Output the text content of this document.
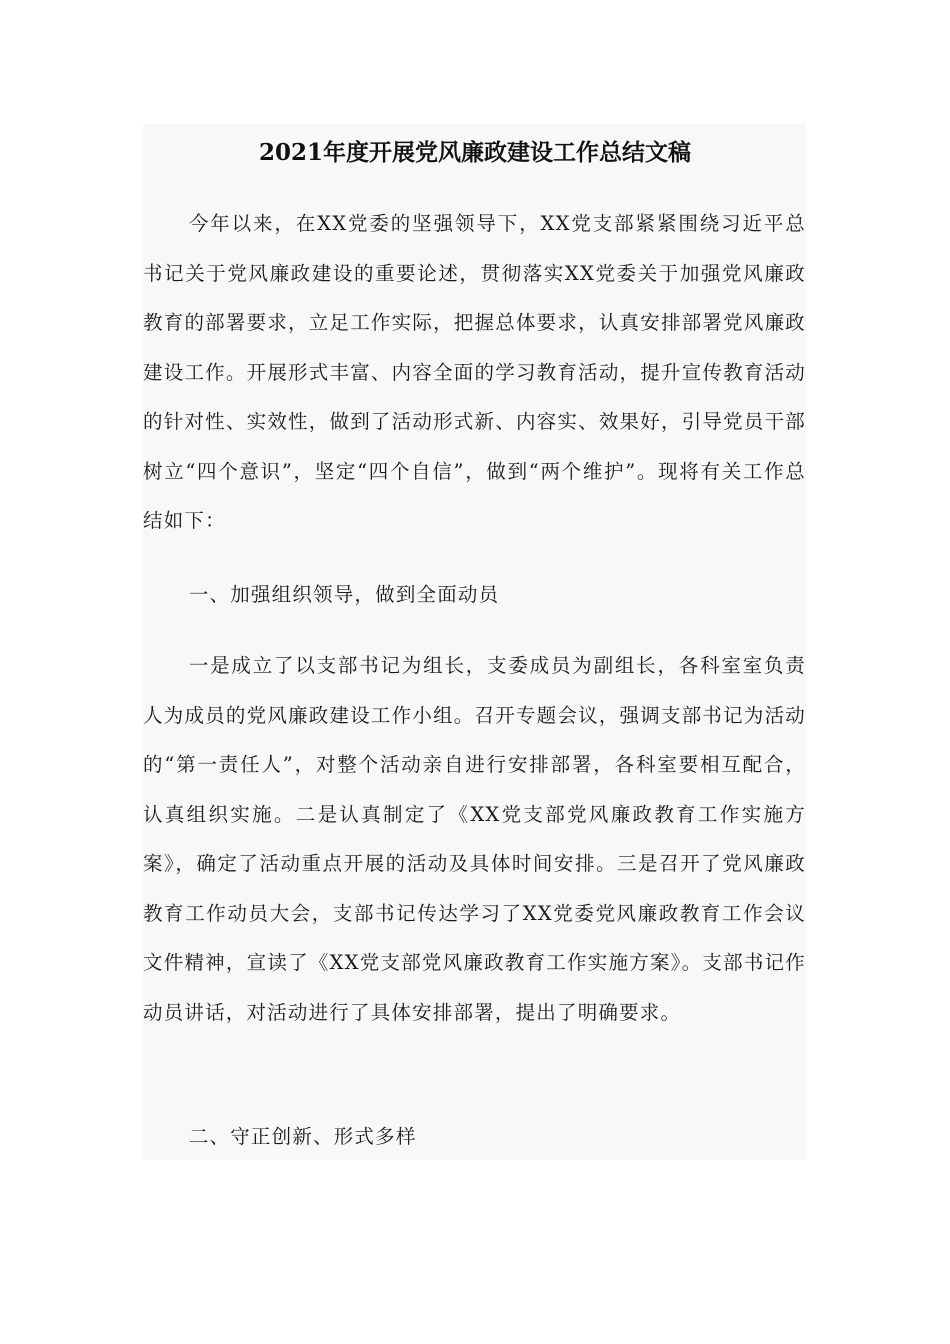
2021年度开展党风廉政建设工作总结文稿

今年以来，在XX党委的坚强领导下，XX党支部紧紧围绕习近平总书记关于党风廉政建设的重要论述，贯彻落实XX党委关于加强党风廉政教育的部署要求，立足工作实际，把握总体要求，认真安排部署党风廉政建设工作。开展形式丰富、内容全面的学习教育活动，提升宣传教育活动的针对性、实效性，做到了活动形式新、内容实、效果好，引导党员干部树立“四个意识”，坚定“四个自信”，做到“两个维护”。现将有关工作总结如下：

一、加强组织领导，做到全面动员

一是成立了以支部书记为组长，支委成员为副组长，各科室室负责人为成员的党风廉政建设工作小组。召开专题会议，强调支部书记为活动的“第一责任人”，对整个活动亲自进行安排部署，各科室要相互配合，认真组织实施。二是认真制定了《XX党支部党风廉政教育工作实施方案》，确定了活动重点开展的活动及具体时间安排。三是召开了党风廉政教育工作动员大会，支部书记传达学习了XX党委党风廉政教育工作会议文件精神，宣读了《XX党支部党风廉政教育工作实施方案》。支部书记作动员讲话，对活动进行了具体安排部署，提出了明确要求。

二、守正创新、形式多样
